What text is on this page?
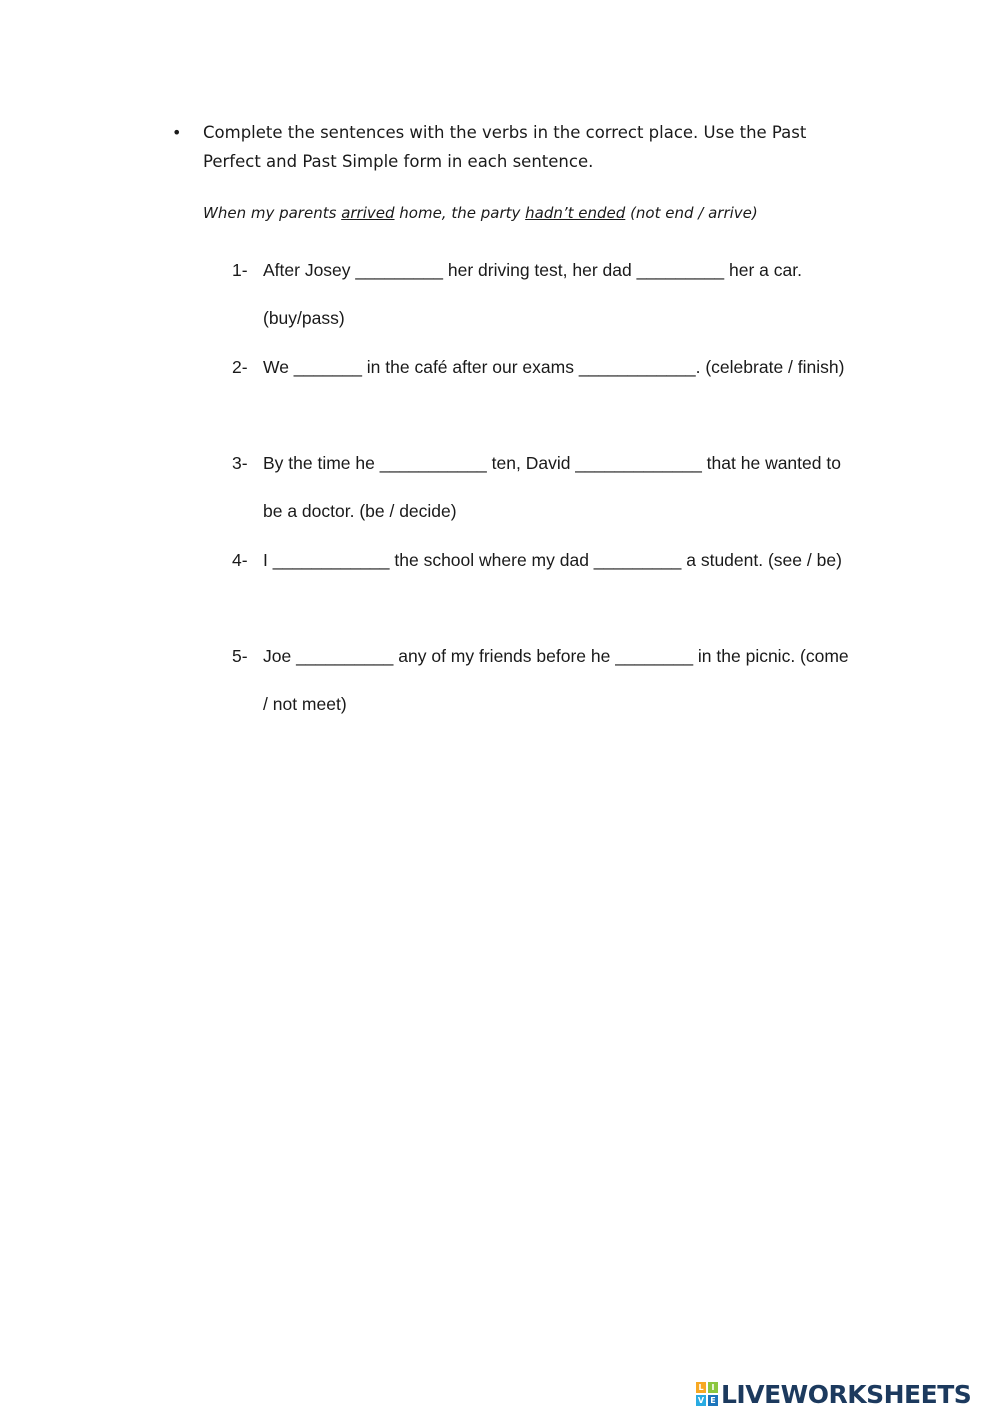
•	Complete the sentences with the verbs in the correct place. Use the Past Perfect and Past Simple form in each sentence.
When my parents arrived home, the party hadn’t ended (not end / arrive)
1- After Josey _________ her driving test, her dad _________ her a car. (buy/pass)
2- We _______ in the café after our exams ____________. (celebrate / finish)
3- By the time he ___________ ten, David _____________ that he wanted to be a doctor. (be / decide)
4- I ____________ the school where my dad _________ a student. (see / be)
5- Joe __________ any of my friends before he ________ in the picnic. (come / not meet)
L I
V E LIVEWORKSHEETS
